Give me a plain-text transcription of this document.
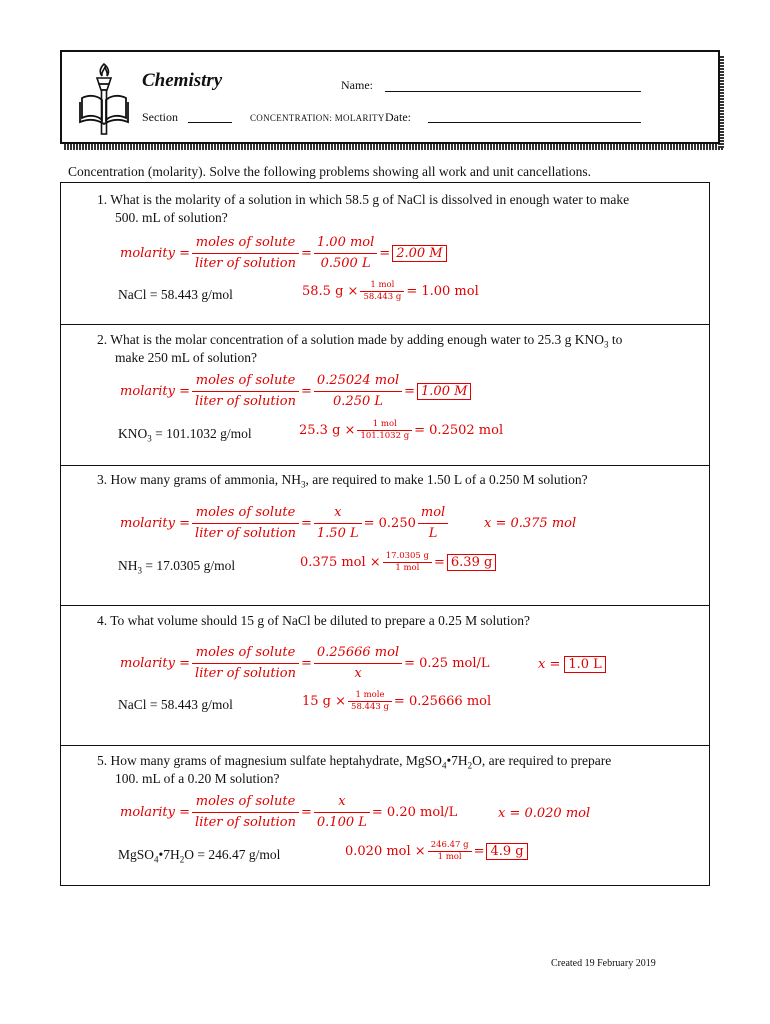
Chemistry	Name:
Section	CONCENTRATION: MOLARITY Date:
Concentration (molarity). Solve the following problems showing all work and unit cancellations.
1. What is the molarity of a solution in which 58.5 g of NaCl is dissolved in enough water to make
500. mL of solution?
molarity = $\frac{\text{moles of solute}}{\text{liter of solution}} = \frac{\text{1.00 mol}}{0.500 L} = 2.00$ M
NaCl = 58.443 g/mol	58.5 $g \times \frac{\text{1 mol}}{58.443 g} = 1.00$ mol
2. What is the molar concentration of a solution made by adding enough water to 25.3 g $KNO_3$ to
make 250 mL of solution?
molarity = $\frac{\text{moles of solute}}{\text{liter of solution}} = \frac{\text{0.25024 mol}}{0.250 L} = 1.00$ M
$KNO_3 = 101.1032$ g/mol	25.3 $g \times \frac{\text{1 mol}}{101.1032 g} = 0.2502$ mol
3. How many grams of ammonia, $NH_3$, are required to make 1.50 L of a 0.250 M solution?
molarity = $\frac{\text{moles of solute}}{\text{liter of solution}} = \frac{x}{1.50 L} = 0.250 \frac{\text{mol}}{L}$	x = 0.375 mol
$NH_3 = 17.0305$ g/mol	0.375 mol × $\frac{17.0305 g}{\text{1 mol}} = 6.39$ g
4. To what volume should 15 g of NaCl be diluted to prepare a 0.25 M solution?
molarity = $\frac{\text{moles of solute}}{\text{liter of solution}} = \frac{\text{0.25666 mol}}{x} = 0.25$ mol/L	x = 1.0 L
NaCl = 58.443 g/mol	15 $g \times \frac{\text{1 mole}}{58.443 g} = 0.25666$ mol
5. How many grams of magnesium sulfate heptahydrate, $MgSO_4•7H_2O$, are required to prepare
100. mL of a 0.20 M solution?
molarity = $\frac{\text{moles of solute}}{\text{liter of solution}} = \frac{x}{0.100 L} = 0.20$ mol/L	x = 0.020 mol
$MgSO_4•7H_2O = 246.47$ g/mol	0.020 mol × $\frac{246.47 g}{\text{1 mol}} = 4.9$ g
Created 19 February 2019
